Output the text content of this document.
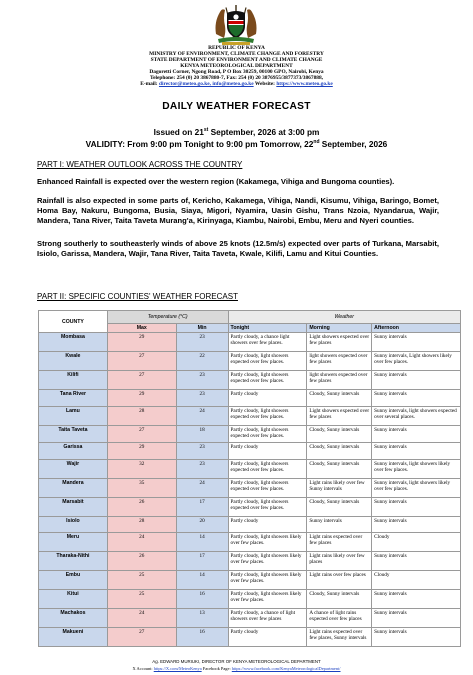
REPUBLIC OF KENYA
MINISTRY OF ENVIRONMENT, CLIMATE CHANGE AND FORESTRY
STATE DEPARTMENT OF ENVIRONMENT AND CLIMATE CHANGE
KENYA METEOROLOGICAL DEPARTMENT
Dagoretti Corner, Ngong Road, P O Box 30259, 00100 GPO, Nairobi, Kenya
Telephone: 254 (0) 20 3867880-7, Fax: 254 (0) 20 3876955/3877373/3867888,
E-mail: director@meteo.go.ke, info@meteo.go.ke Website: https://www.meteo.go.ke
DAILY WEATHER FORECAST
Issued on 21st September, 2026 at 3:00 pm
VALIDITY: From 9:00 pm Tonight to 9:00 pm Tomorrow, 22nd September, 2026
PART I: WEATHER OUTLOOK ACROSS THE COUNTRY
Enhanced Rainfall is expected over the western region (Kakamega, Vihiga and Bungoma counties).
Rainfall is also expected in some parts of, Kericho, Kakamega, Vihiga, Nandi, Kisumu, Vihiga, Baringo, Bomet, Homa Bay, Nakuru, Bungoma, Busia, Siaya, Migori, Nyamira, Uasin Gishu, Trans Nzoia, Nyandarua, Wajir, Mandera, Tana River, Taita Taveta Murang'a, Kirinyaga, Kiambu, Nairobi, Embu, Meru and Nyeri counties.
Strong southerly to southeasterly winds of above 25 knots (12.5m/s) expected over parts of Turkana, Marsabit, Isiolo, Garissa, Mandera, Wajir, Tana River, Taita Taveta, Kwale, Kilifi, Lamu and Kitui Counties.
PART II: SPECIFIC COUNTIES' WEATHER FORECAST
COUNTY	Temperature (°C)		Weather		
	Max	Min	Tonight	Morning	Afternoon
Mombasa	29	23	Partly cloudy, a chance light showers over few places.	Light showers expected over few places	Sunny intervals
Kwale	27	22	Partly cloudy, light showers expected over few places.	light showers expected over few places	Sunny intervals, Light showers likely over few places.
Kilifi	27	23	Partly cloudy, light showers expected over few places.	light showers expected over few places	Sunny intervals
Tana River	29	23	Partly cloudy	Cloudy, Sunny intervals	Sunny intervals
Lamu	28	24	Partly cloudy, light showers expected over few places.	Light showers expected over few places	Sunny intervals, light showers expected over several places.
Taita Taveta	27	18	Partly cloudy, light showers expected over few places.	Cloudy, Sunny intervals	Sunny intervals
Garissa	29	23	Partly cloudy	Cloudy, Sunny intervals	Sunny intervals
Wajir	32	23	Partly cloudy, light showers expected over few places.	Cloudy, Sunny intervals	Sunny intervals, light showers likely over few places.
Mandera	35	24	Partly cloudy, light showers expected over few places.	Light rains likely over few Sunny intervals	Sunny intervals, light showers likely over few places.
Marsabit	26	17	Partly cloudy, light showers expected over few places.	Cloudy, Sunny intervals	Sunny intervals
Isiolo	28	20	Partly cloudy	Sunny intervals	Sunny intervals
Meru	24	14	Partly cloudy, light showers likely over few places.	Light rains expected over few places	Cloudy
Tharaka-Nithi	26	17	Partly cloudy, light showers likely over few places.	Light rains likely over few places	Sunny intervals
Embu	25	14	Partly cloudy, light showers likely over few places.	Light rains over few places	Cloudy
Kitui	25	16	Partly cloudy, light showers likely over few places.	Cloudy, Sunny intervals	Sunny intervals
Machakos	24	13	Partly cloudy, a chance of light showers over few places	A chance of light rains expected over few places	Sunny intervals
Makueni	27	16	Partly cloudy	Light rains expected over few places, Sunny intervals	Sunny intervals
Ag. EDWARD MURIUKI, DIRECTOR OF KENYA METEOROLOGICAL DEPARTMENT
X Account: https://X.com/MeteoKenya Facebook Page: https://www.facebook.com/KenyaMeteorologicalDepartment/
